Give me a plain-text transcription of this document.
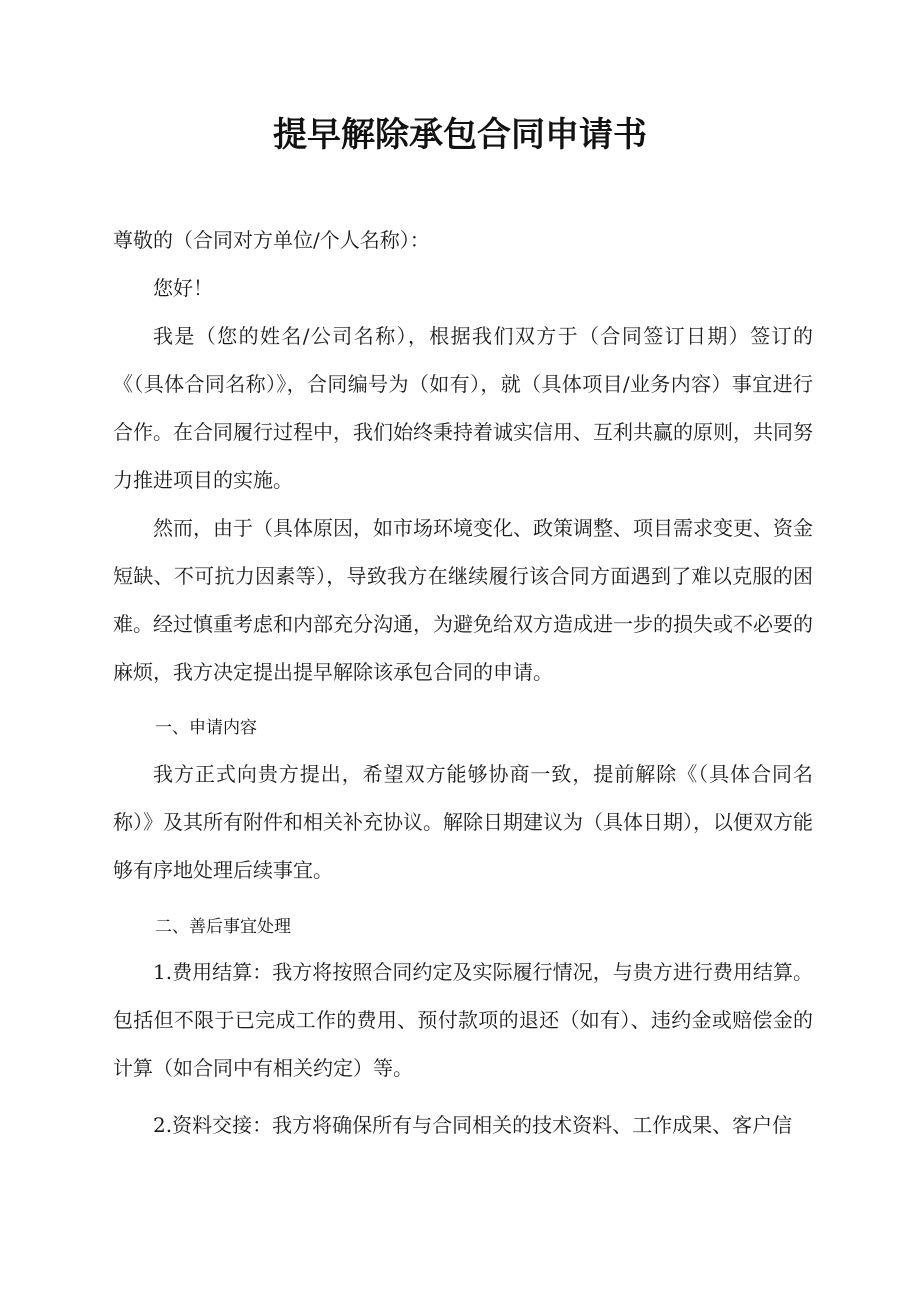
提早解除承包合同申请书

尊敬的（合同对方单位/个人名称）：

您好！

我是（您的姓名/公司名称），根据我们双方于（合同签订日期）签订的《（具体合同名称）》，合同编号为（如有），就（具体项目/业务内容）事宜进行合作。在合同履行过程中，我们始终秉持着诚实信用、互利共赢的原则，共同努力推进项目的实施。

然而，由于（具体原因，如市场环境变化、政策调整、项目需求变更、资金短缺、不可抗力因素等），导致我方在继续履行该合同方面遇到了难以克服的困难。经过慎重考虑和内部充分沟通，为避免给双方造成进一步的损失或不必要的麻烦，我方决定提出提早解除该承包合同的申请。

一、申请内容

我方正式向贵方提出，希望双方能够协商一致，提前解除《（具体合同名称）》及其所有附件和相关补充协议。解除日期建议为（具体日期），以便双方能够有序地处理后续事宜。

二、善后事宜处理

1.费用结算：我方将按照合同约定及实际履行情况，与贵方进行费用结算。包括但不限于已完成工作的费用、预付款项的退还（如有）、违约金或赔偿金的计算（如合同中有相关约定）等。

2.资料交接：我方将确保所有与合同相关的技术资料、工作成果、客户信
